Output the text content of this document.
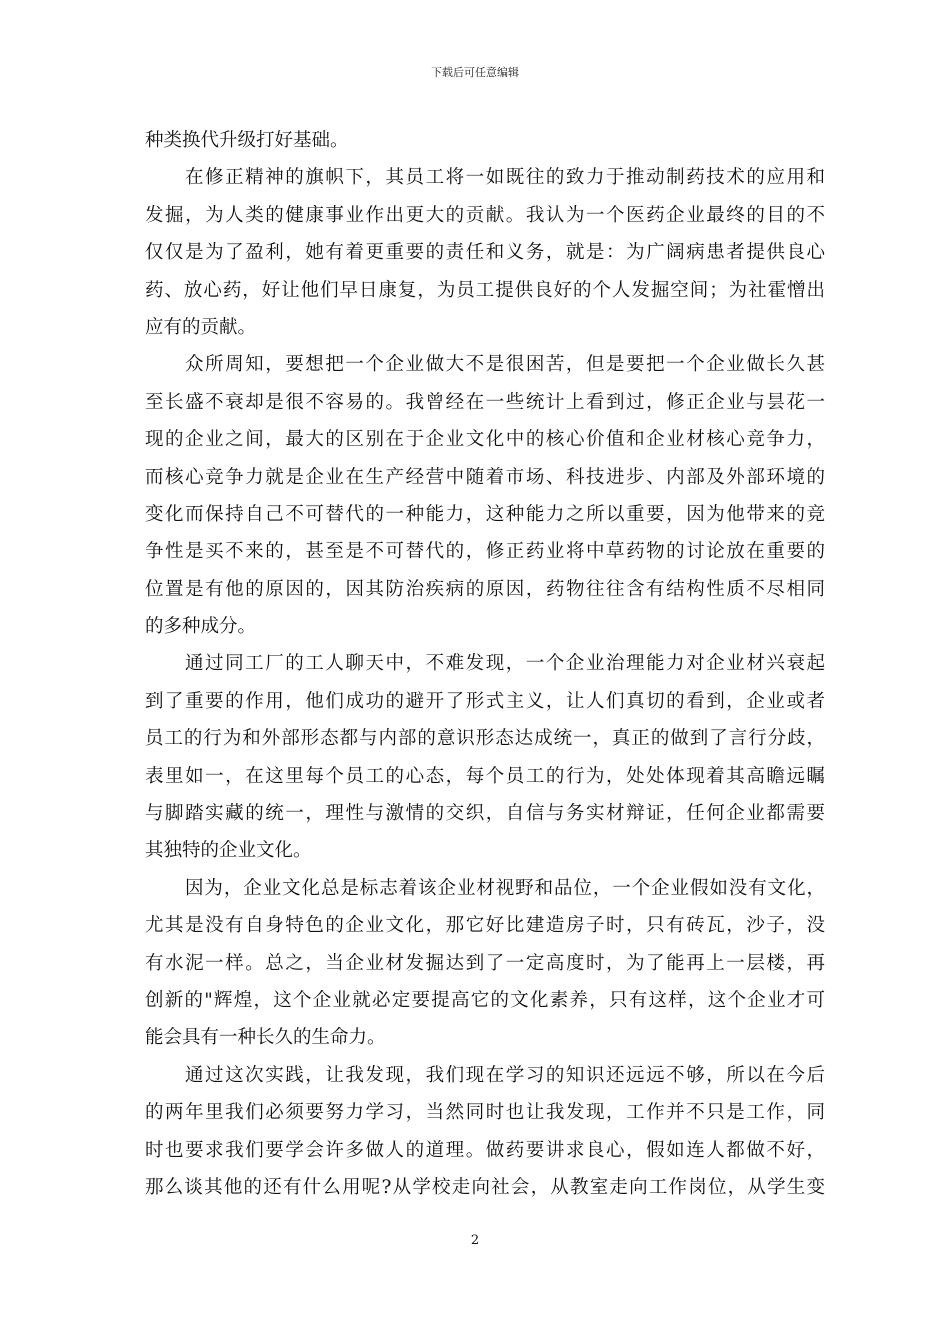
下载后可任意编辑
种类换代升级打好基础。
在修正精神的旗帜下，其员工将一如既往的致力于推动制药技术的应用和
发掘，为人类的健康事业作出更大的贡献。我认为一个医药企业最终的目的不
仅仅是为了盈利，她有着更重要的责任和义务，就是：为广阔病患者提供良心
药、放心药，好让他们早日康复，为员工提供良好的个人发掘空间；为社霍憎出
应有的贡献。
众所周知，要想把一个企业做大不是很困苦，但是要把一个企业做长久甚
至长盛不衰却是很不容易的。我曾经在一些统计上看到过，修正企业与昙花一
现的企业之间，最大的区别在于企业文化中的核心价值和企业材核心竞争力，
而核心竞争力就是企业在生产经营中随着市场、科技进步、内部及外部环境的
变化而保持自己不可替代的一种能力，这种能力之所以重要，因为他带来的竞
争性是买不来的，甚至是不可替代的，修正药业将中草药物的讨论放在重要的
位置是有他的原因的，因其防治疾病的原因，药物往往含有结构性质不尽相同
的多种成分。
通过同工厂的工人聊天中，不难发现，一个企业治理能力对企业材兴衰起
到了重要的作用，他们成功的避开了形式主义，让人们真切的看到，企业或者
员工的行为和外部形态都与内部的意识形态达成统一，真正的做到了言行分歧，
表里如一，在这里每个员工的心态，每个员工的行为，处处体现着其高瞻远瞩
与脚踏实藏的统一，理性与激情的交织，自信与务实材辩证，任何企业都需要
其独特的企业文化。
因为，企业文化总是标志着该企业材视野和品位，一个企业假如没有文化，
尤其是没有自身特色的企业文化，那它好比建造房子时，只有砖瓦，沙子，没
有水泥一样。总之，当企业材发掘达到了一定高度时，为了能再上一层楼，再
创新的"辉煌，这个企业就必定要提高它的文化素养，只有这样，这个企业才可
能会具有一种长久的生命力。
通过这次实践，让我发现，我们现在学习的知识还远远不够，所以在今后
的两年里我们必须要努力学习，当然同时也让我发现，工作并不只是工作，同
时也要求我们要学会许多做人的道理。做药要讲求良心，假如连人都做不好，
那么谈其他的还有什么用呢?从学校走向社会，从教室走向工作岗位，从学生变
2
